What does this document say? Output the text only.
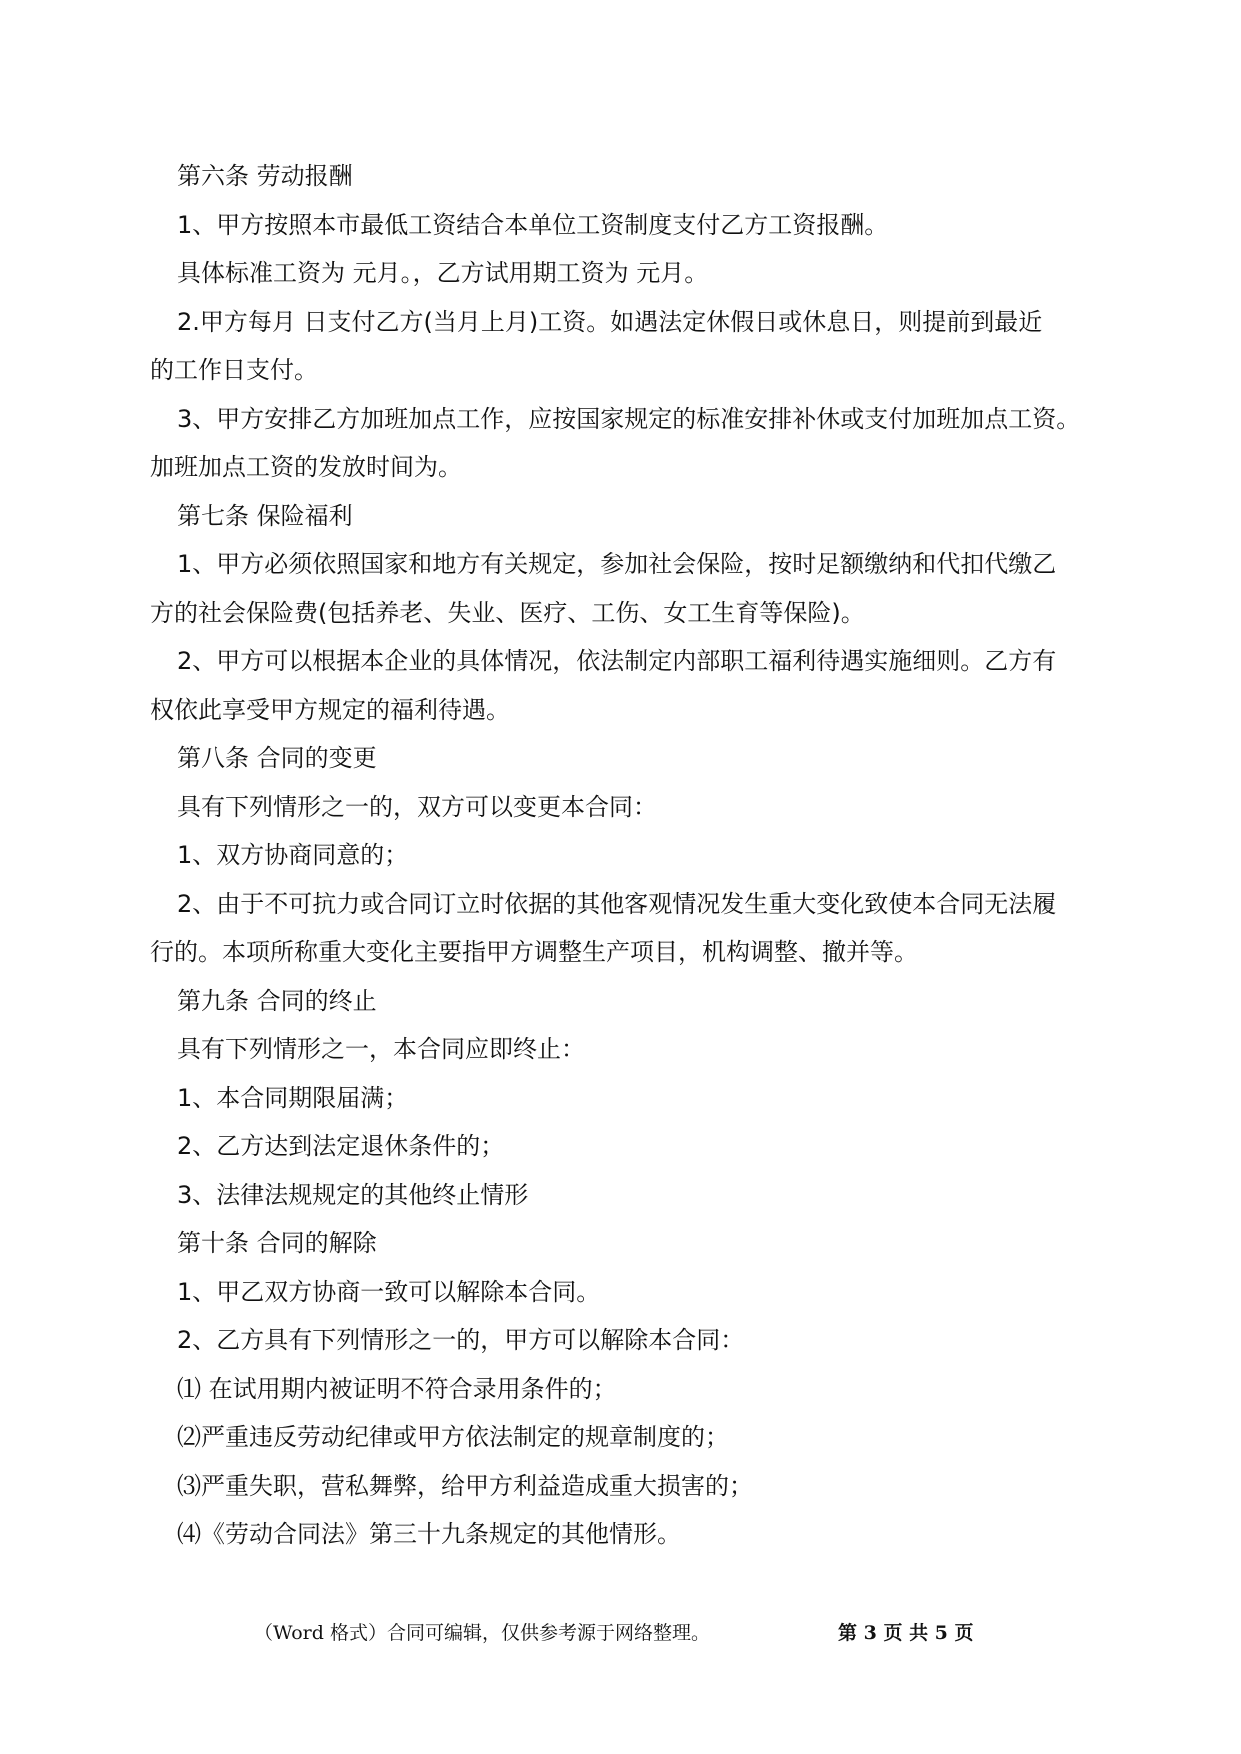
第六条 劳动报酬
1、甲方按照本市最低工资结合本单位工资制度支付乙方工资报酬。
具体标准工资为 元月。，乙方试用期工资为 元月。
2.甲方每月 日支付乙方(当月上月)工资。如遇法定休假日或休息日，则提前到最近
的工作日支付。
3、甲方安排乙方加班加点工作，应按国家规定的标准安排补休或支付加班加点工资。
加班加点工资的发放时间为。
第七条 保险福利
1、甲方必须依照国家和地方有关规定，参加社会保险，按时足额缴纳和代扣代缴乙
方的社会保险费(包括养老、失业、医疗、工伤、女工生育等保险)。
2、甲方可以根据本企业的具体情况，依法制定内部职工福利待遇实施细则。乙方有
权依此享受甲方规定的福利待遇。
第八条 合同的变更
具有下列情形之一的，双方可以变更本合同：
1、双方协商同意的；
2、由于不可抗力或合同订立时依据的其他客观情况发生重大变化致使本合同无法履
行的。本项所称重大变化主要指甲方调整生产项目，机构调整、撤并等。
第九条 合同的终止
具有下列情形之一，本合同应即终止：
1、本合同期限届满；
2、乙方达到法定退休条件的；
3、法律法规规定的其他终止情形
第十条 合同的解除
1、甲乙双方协商一致可以解除本合同。
2、乙方具有下列情形之一的，甲方可以解除本合同：
⑴ 在试用期内被证明不符合录用条件的；
⑵严重违反劳动纪律或甲方依法制定的规章制度的；
⑶严重失职，营私舞弊，给甲方利益造成重大损害的；
⑷《劳动合同法》第三十九条规定的其他情形。
（Word 格式）合同可编辑，仅供参考源于网络整理。	第 3 页 共 5 页
